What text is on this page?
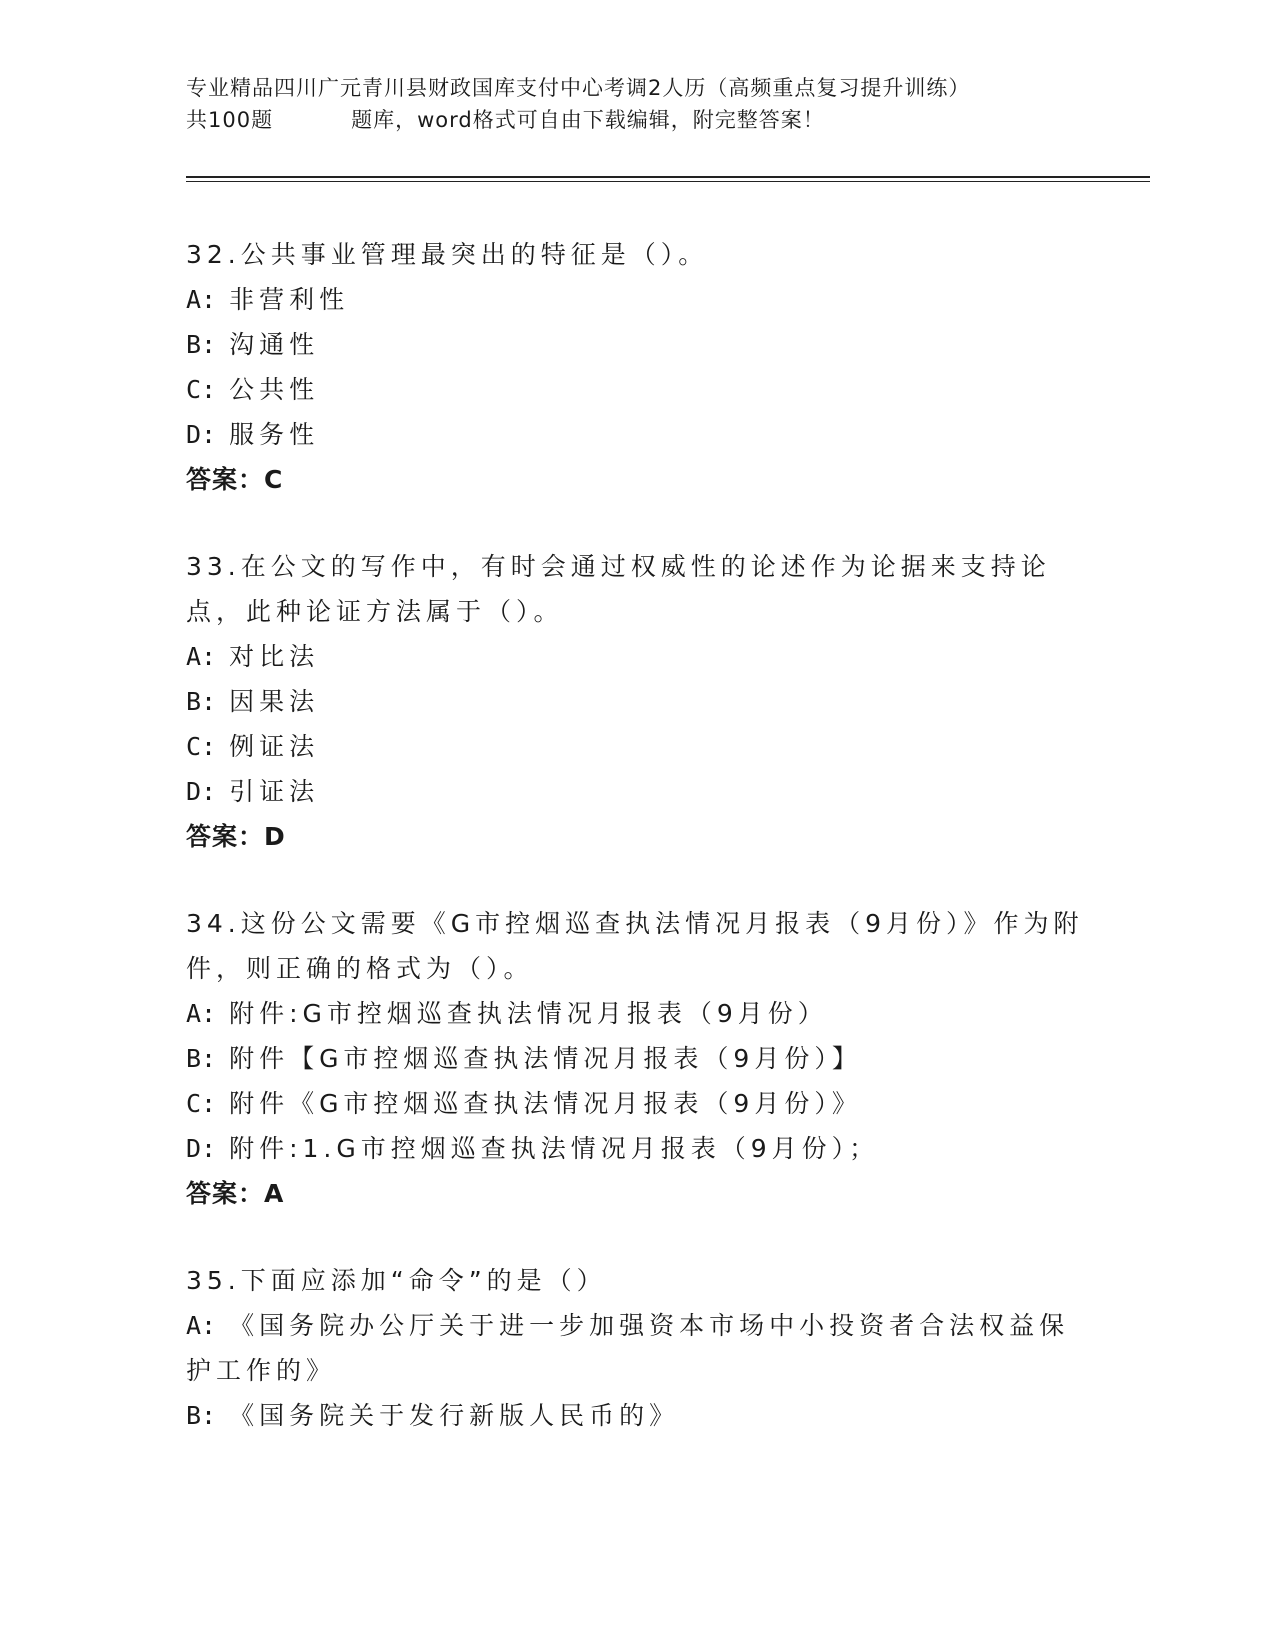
专业精品四川广元青川县财政国库支付中心考调2人历（高频重点复习提升训练）
共100题	题库，word格式可自由下载编辑，附完整答案！

32.公共事业管理最突出的特征是（）。

A: 非营利性

B: 沟通性

C: 公共性

D: 服务性

答案：C

33.在公文的写作中，有时会通过权威性的论述作为论据来支持论点，此种论证方法属于（）。

A: 对比法

B: 因果法

C: 例证法

D: 引证法

答案：D

34.这份公文需要《G市控烟巡查执法情况月报表（9月份）》作为附件，则正确的格式为（）。

A: 附件:G市控烟巡查执法情况月报表（9月份）

B: 附件【G市控烟巡查执法情况月报表（9月份）】

C: 附件《G市控烟巡查执法情况月报表（9月份）》

D: 附件:1.G市控烟巡查执法情况月报表（9月份）；

答案：A

35.下面应添加“命令”的是（）

A: 《国务院办公厅关于进一步加强资本市场中小投资者合法权益保护工作的》

B: 《国务院关于发行新版人民币的》
